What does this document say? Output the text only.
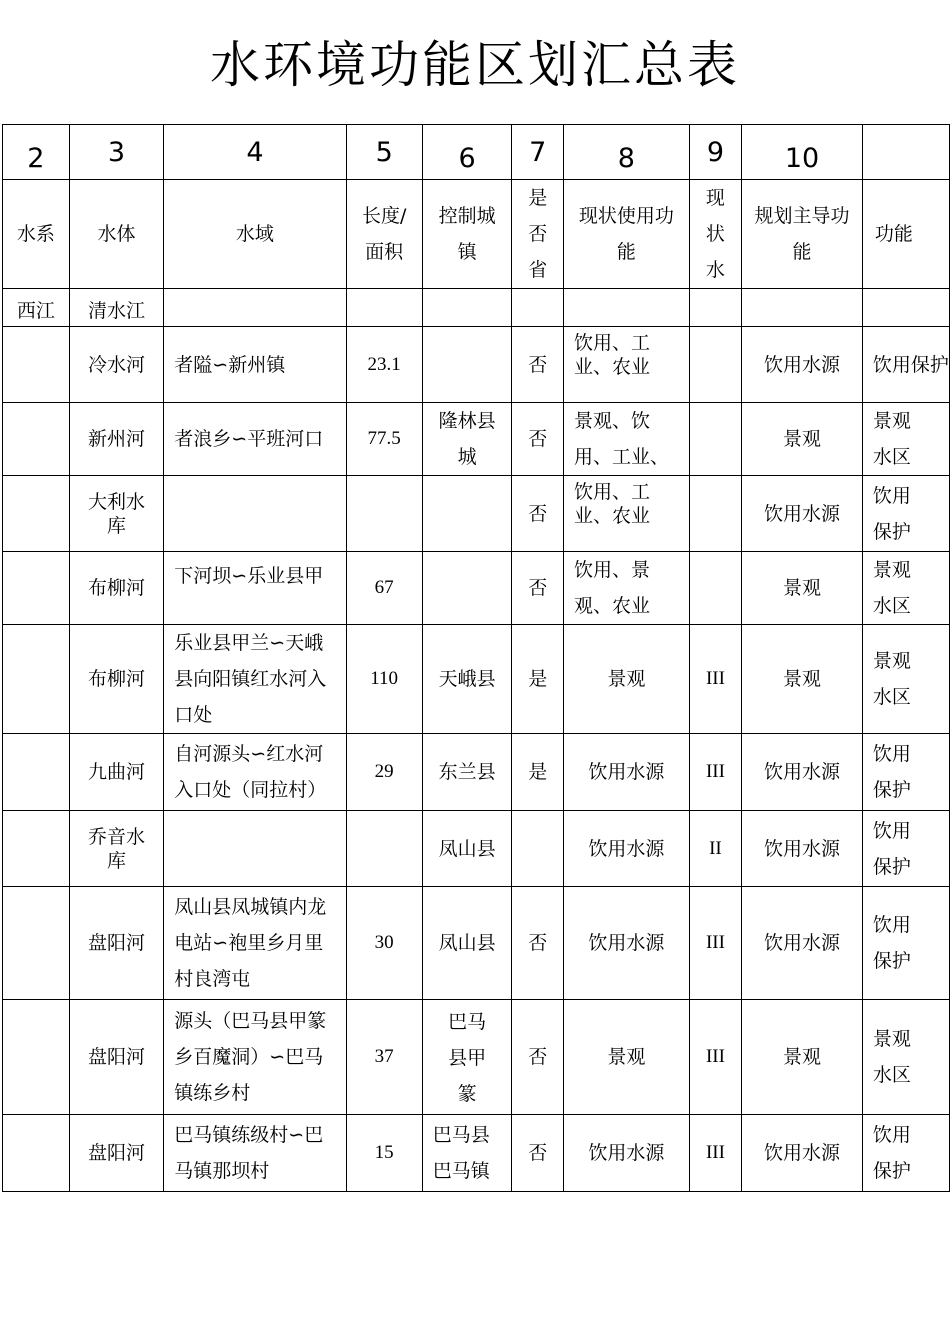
水环境功能区划汇总表
2	3	4	5	6	7	8	9	10	
水系	水体	水域	长度/面积	控制城镇	是否省	现状使用功能	现状水	规划主导功能	功能
西江	清水江								
	冷水河	者隘∽新州镇	23.1		否	饮用、工业、农业		饮用水源	饮用保护

	新州河	者浪乡∽平班河口	77.5	隆林县城	否	景观、饮用、工业、		景观	景观水区

	大利水库				否	饮用、工业、农业		饮用水源	饮用保护

	布柳河	下河坝∽乐业县甲	67		否	饮用、景观、农业		景观	景观水区

	布柳河	乐业县甲兰∽天峨县向阳镇红水河入口处	110	天峨县	是	景观	III	景观	景观水区

	九曲河	自河源头∽红水河入口处（同拉村）	29	东兰县	是	饮用水源	III	饮用水源	饮用保护

	乔音水库			凤山县		饮用水源	II	饮用水源	饮用保护

	盘阳河	凤山县凤城镇内龙电站∽袍里乡月里村良湾屯	30	凤山县	否	饮用水源	III	饮用水源	饮用保护

	盘阳河	源头（巴马县甲篆乡百魔洞）∽巴马镇练乡村	37	巴马县甲篆	否	景观	III	景观	景观水区

	盘阳河	巴马镇练级村∽巴马镇那坝村	15	巴马县巴马镇	否	饮用水源	III	饮用水源	饮用保护
